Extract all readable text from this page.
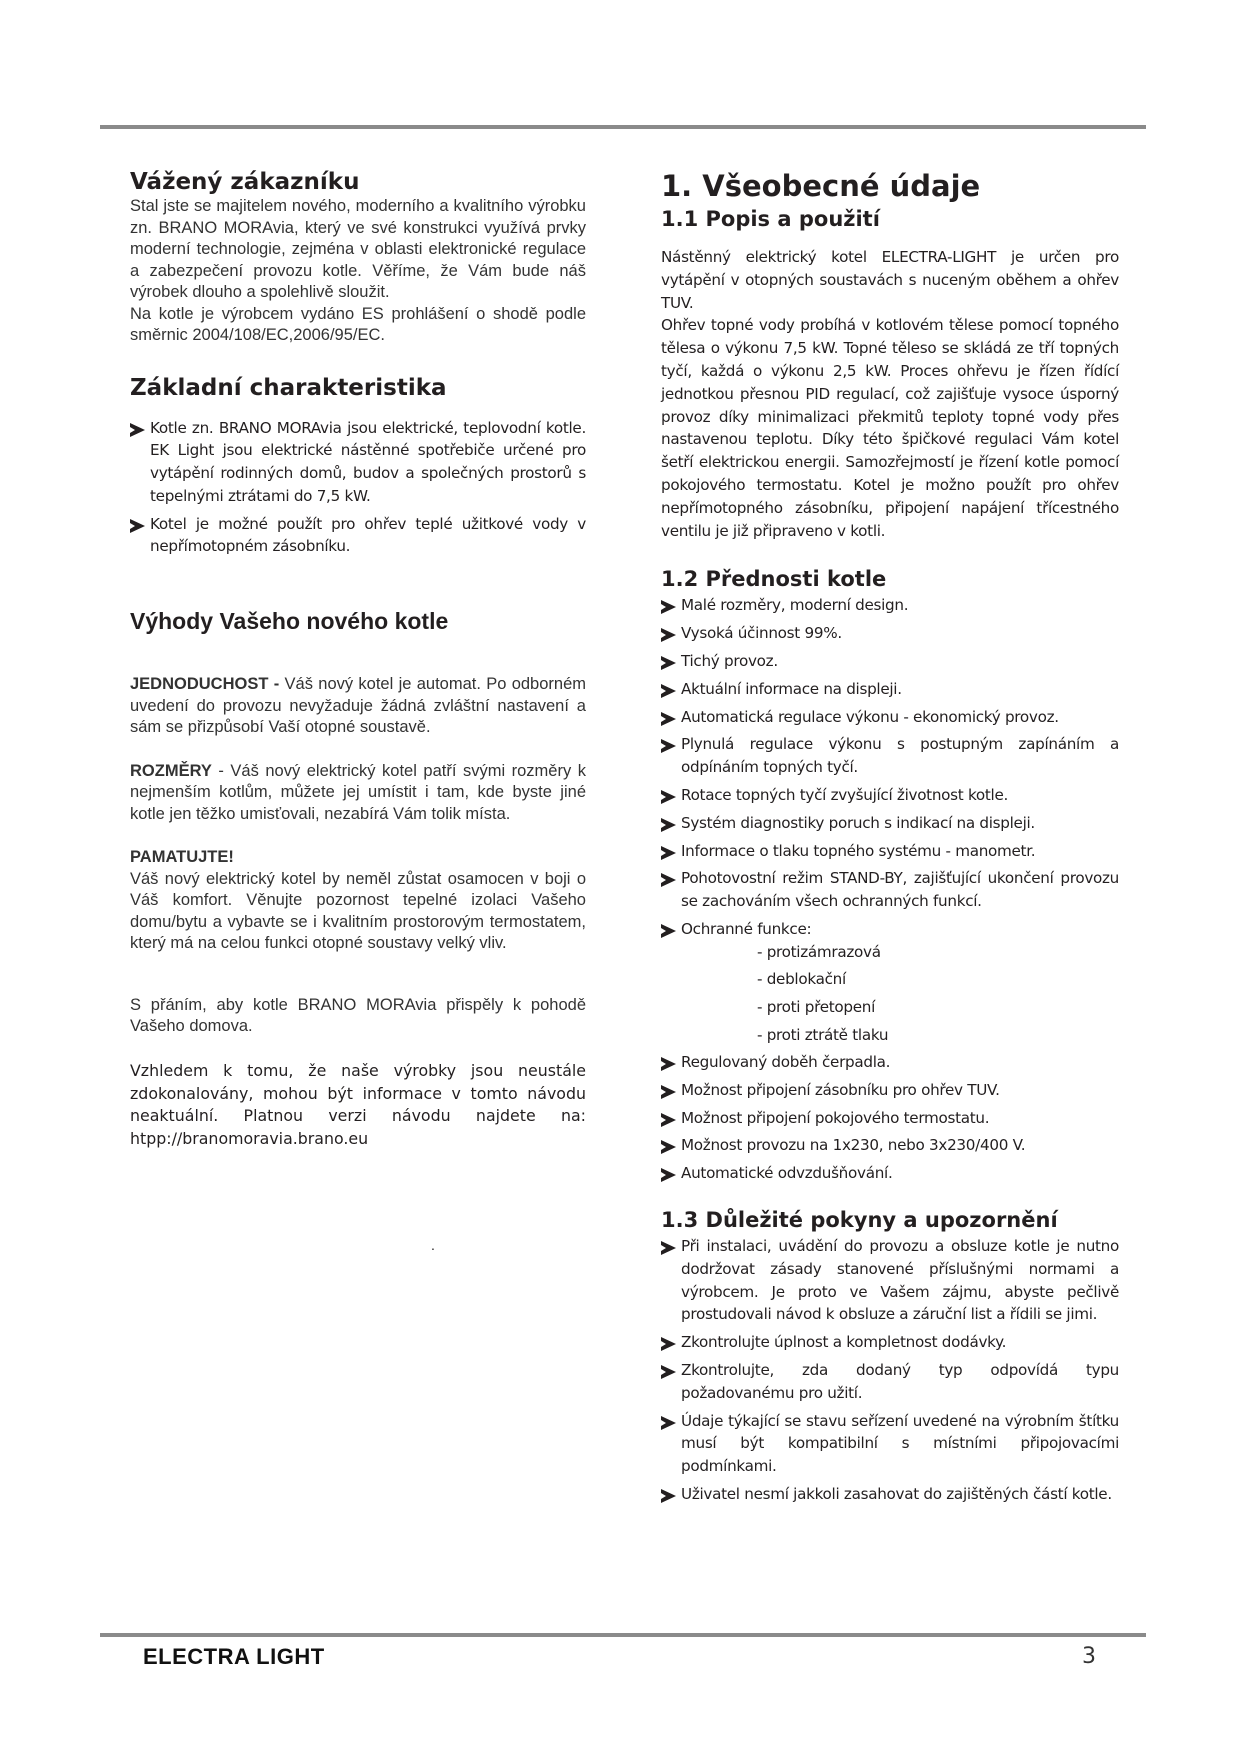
Vážený zákazníku

Stal jste se majitelem nového, moderního a kvalitního výrobku zn. BRANO MORAvia, který ve své konstrukci využívá prvky moderní technologie, zejména v oblasti elektronické regulace a zabezpečení provozu kotle. Věříme, že Vám bude náš výrobek dlouho a spolehlivě sloužit.

Na kotle je výrobcem vydáno ES prohlášení o shodě podle směrnic 2004/108/EC,2006/95/EC.

Základní charakteristika

Kotle zn. BRANO MORAvia jsou elektrické, teplovodní kotle. EK Light jsou elektrické nástěnné spotřebiče určené pro vytápění rodinných domů, budov a společných prostorů s tepelnými ztrátami do 7,5 kW.

Kotel je možné použít pro ohřev teplé užitkové vody v nepřímotopném zásobníku.

Výhody Vašeho nového kotle

JEDNODUCHOST - Váš nový kotel je automat. Po odborném uvedení do provozu nevyžaduje žádná zvláštní nastavení a sám se přizpůsobí Vaší otopné soustavě.

ROZMĚRY - Váš nový elektrický kotel patří svými rozměry k nejmenším kotlům, můžete jej umístit i tam, kde byste jiné kotle jen těžko umisťovali, nezabírá Vám tolik místa.

PAMATUJTE!

Váš nový elektrický kotel by neměl zůstat osamocen v boji o Váš komfort. Věnujte pozornost tepelné izolaci Vašeho domu/bytu a vybavte se i kvalitním prostorovým termostatem, který má na celou funkci otopné soustavy velký vliv.

S přáním, aby kotle BRANO MORAvia přispěly k pohodě Vašeho domova.

Vzhledem k tomu, že naše výrobky jsou neustále zdokonalovány, mohou být informace v tomto návodu neaktuální. Platnou verzi návodu najdete na: htpp://branomoravia.brano.eu

.
1. Všeobecné údaje
1.1 Popis a použití

Nástěnný elektrický kotel ELECTRA-LIGHT je určen pro vytápění v otopných soustavách s nuceným oběhem a ohřev TUV.

Ohřev topné vody probíhá v kotlovém tělese pomocí topného tělesa o výkonu 7,5 kW. Topné těleso se skládá ze tří topných tyčí, každá o výkonu 2,5 kW. Proces ohřevu je řízen řídící jednotkou přesnou PID regulací, což zajišťuje vysoce úsporný provoz díky minimalizaci překmitů teploty topné vody přes nastavenou teplotu. Díky této špičkové regulaci Vám kotel šetří elektrickou energii. Samozřejmostí je řízení kotle pomocí pokojového termostatu. Kotel je možno použít pro ohřev nepřímotopného zásobníku, připojení napájení třícestného ventilu je již připraveno v kotli.

1.2 Přednosti kotle

Malé rozměry, moderní design.

Vysoká účinnost 99%.

Tichý provoz.

Aktuální informace na displeji.

Automatická regulace výkonu - ekonomický provoz.

Plynulá regulace výkonu s postupným zapínáním a odpínáním topných tyčí.

Rotace topných tyčí zvyšující životnost kotle.

Systém diagnostiky poruch s indikací na displeji.

Informace o tlaku topného systému - manometr.

Pohotovostní režim STAND-BY, zajišťující ukončení provozu se zachováním všech ochranných funkcí.

Ochranné funkce:

- protizámrazová
- deblokační
- proti přetopení
- proti ztrátě tlaku

Regulovaný doběh čerpadla.

Možnost připojení zásobníku pro ohřev TUV.

Možnost připojení pokojového termostatu.

Možnost provozu na 1x230, nebo 3x230/400 V.

Automatické odvzdušňování.

1.3 Důležité pokyny a upozornění

Při instalaci, uvádění do provozu a obsluze kotle je nutno dodržovat zásady stanovené příslušnými normami a výrobcem. Je proto ve Vašem zájmu, abyste pečlivě prostudovali návod k obsluze a záruční list a řídili se jimi.

Zkontrolujte úplnost a kompletnost dodávky.

Zkontrolujte, zda dodaný typ odpovídá typu požadovanému pro užití.

Údaje týkající se stavu seřízení uvedené na výrobním štítku musí být kompatibilní s místními připojovacími podmínkami.

Uživatel nesmí jakkoli zasahovat do zajištěných částí kotle.

ELECTRA LIGHT	3
